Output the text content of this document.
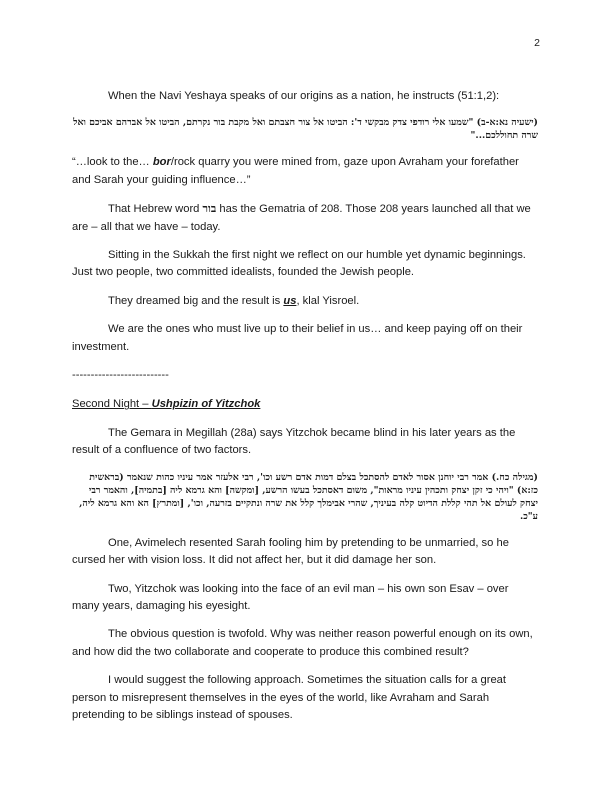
2

When the Navi Yeshaya speaks of our origins as a nation, he instructs (51:1,2):

(ישעיה נא:א-ב) "שמעו אלי רודפי צדק מבקשי ד': הביטו אל צור חצבתם ואל מקבת בור נקרתם, הביטו אל אברהם אביכם ואל שרה תחוללכם..."

“…look to the… bor/rock quarry you were mined from, gaze upon Avraham your forefather and Sarah your guiding influence…”

That Hebrew word בור has the Gematria of 208. Those 208 years launched all that we are – all that we have – today.

Sitting in the Sukkah the first night we reflect on our humble yet dynamic beginnings. Just two people, two committed idealists, founded the Jewish people.

They dreamed big and the result is us, klal Yisroel.

We are the ones who must live up to their belief in us… and keep paying off on their investment.

--------------------------

Second Night – Ushpizin of Yitzchok

The Gemara in Megillah (28a) says Yitzchok became blind in his later years as the result of a confluence of two factors.

(מגילה כח.) אמר רבי יוחנן אסור לאדם להסתכל בצלם דמות אדם רשע וכו', רבי אלעזר אמר עיניו כהות שנאמר (בראשית כז:א) "ויהי כי זקן יצחק ותכהין עיניו מראות", משום דאסתכל בעשו הרשע, [ומקשה] והא גרמא ליה [בתמיה], והאמר רבי יצחק לעולם אל תהי קללת הדיוט קלה בעיניך, שהרי אבימלך קלל את שרה ונתקיים בזרעה, וכו', [ומתרץ] הא והא גרמא ליה, ע"כ.

One, Avimelech resented Sarah fooling him by pretending to be unmarried, so he cursed her with vision loss. It did not affect her, but it did damage her son.

Two, Yitzchok was looking into the face of an evil man – his own son Esav – over many years, damaging his eyesight.

The obvious question is twofold. Why was neither reason powerful enough on its own, and how did the two collaborate and cooperate to produce this combined result?

I would suggest the following approach. Sometimes the situation calls for a great person to misrepresent themselves in the eyes of the world, like Avraham and Sarah pretending to be siblings instead of spouses.
